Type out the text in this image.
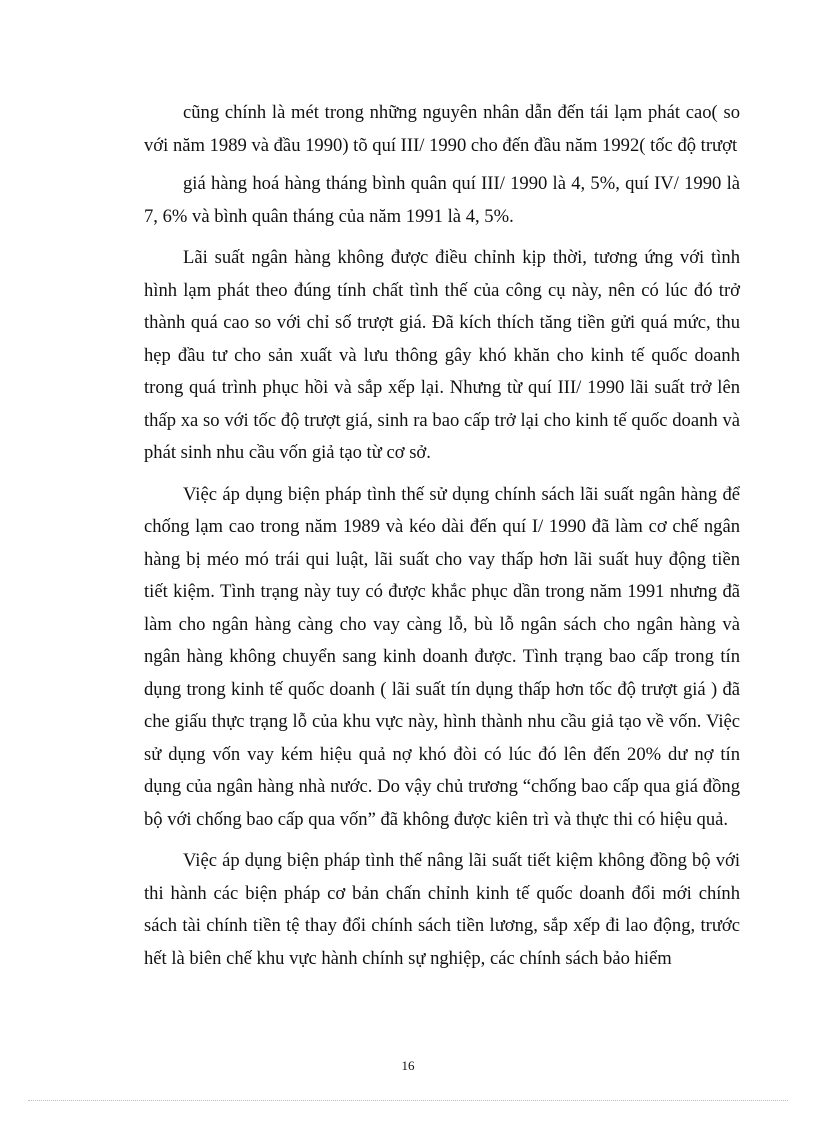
cũng chính là mét trong những nguyên nhân dẫn đến tái lạm phát cao( so với năm 1989 và đầu 1990) tõ quí III/ 1990 cho đến đầu năm 1992( tốc độ trượt

giá hàng hoá hàng tháng bình quân quí III/ 1990 là 4, 5%, quí IV/ 1990 là 7, 6% và bình quân tháng của năm 1991 là 4, 5%.

Lãi suất ngân hàng không được điều chỉnh kịp thời, tương ứng với tình hình lạm phát theo đúng tính chất tình thế của công cụ này, nên có lúc đó trở thành quá cao so với chỉ số trượt giá. Đã kích thích tăng tiền gửi quá mức, thu hẹp đầu tư cho sản xuất và lưu thông gây khó khăn cho kinh tế quốc doanh trong quá trình phục hồi và sắp xếp lại. Nhưng từ quí III/ 1990 lãi suất trở lên thấp xa so với tốc độ trượt giá, sinh ra bao cấp trở lại cho kinh tế quốc doanh và phát sinh nhu cầu vốn giả tạo từ cơ sở.

Việc áp dụng biện pháp tình thế sử dụng chính sách lãi suất ngân hàng để chống lạm cao trong năm 1989 và kéo dài đến quí I/ 1990 đã làm cơ chế ngân hàng bị méo mó trái qui luật, lãi suất cho vay thấp hơn lãi suất huy động tiền tiết kiệm. Tình trạng này tuy có được khắc phục dần trong năm 1991 nhưng đã làm cho ngân hàng càng cho vay càng lỗ, bù lỗ ngân sách cho ngân hàng và ngân hàng không chuyển sang kinh doanh được. Tình trạng bao cấp trong tín dụng trong kinh tế quốc doanh ( lãi suất tín dụng thấp hơn tốc độ trượt giá ) đã che giấu thực trạng lỗ của khu vực này, hình thành nhu cầu giả tạo về vốn. Việc sử dụng vốn vay kém hiệu quả nợ khó đòi có lúc đó lên đến 20% dư nợ tín dụng của ngân hàng nhà nước. Do vậy chủ trương “chống bao cấp qua giá đồng bộ với chống bao cấp qua vốn” đã không được kiên trì và thực thi có hiệu quả.

Việc áp dụng biện pháp tình thế nâng lãi suất tiết kiệm không đồng bộ với thi hành các biện pháp cơ bản chấn chỉnh kinh tế quốc doanh đổi mới chính sách tài chính tiền tệ thay đổi chính sách tiền lương, sắp xếp đi lao động, trước hết là biên chế khu vực hành chính sự nghiệp, các chính sách bảo hiểm

16
